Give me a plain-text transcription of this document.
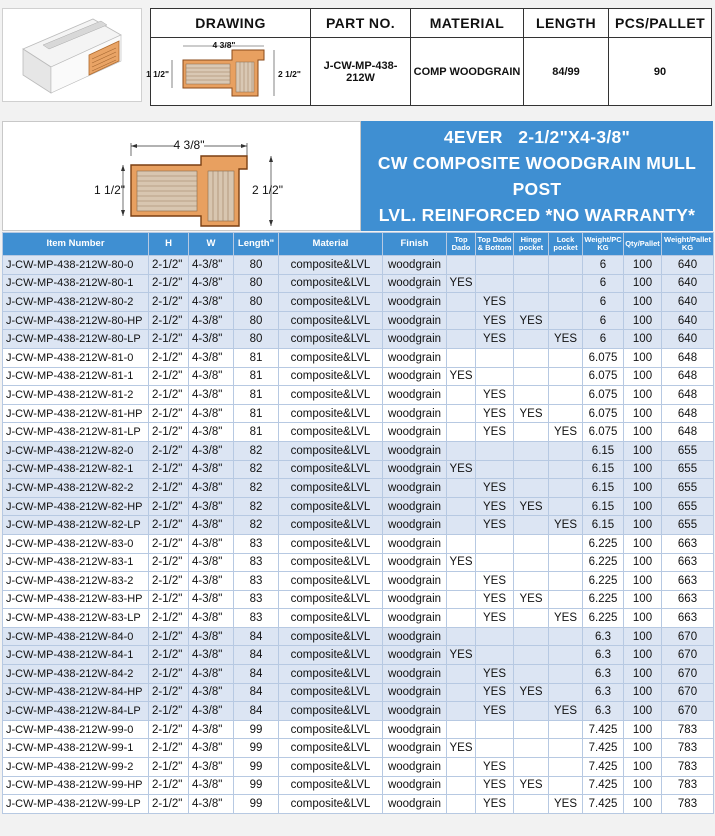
DRAWING	PART NO.	MATERIAL	LENGTH	PCS/PALLET

4 3/8"
1 1/2" 2 1/2"	J-CW-MP-438-212W	COMP WOODGRAIN	84/99	90
4 3/8"
1 1/2"	2 1/2"
4EVER   2-1/2"X4-3/8"
CW COMPOSITE WOODGRAIN MULL POST
LVL. REINFORCED *NO WARRANTY*
Item Number	H	W	Length"	Material	Finish	Top Dado	Top Dado & Bottom	Hinge pocket	Lock pocket	Weight/PC KG	Qty/Pallet	Weight/Pallet KG
J-CW-MP-438-212W-80-0	2-1/2"	4-3/8"	80	composite&LVL	woodgrain					6	100	640
J-CW-MP-438-212W-80-1	2-1/2"	4-3/8"	80	composite&LVL	woodgrain	YES				6	100	640
J-CW-MP-438-212W-80-2	2-1/2"	4-3/8"	80	composite&LVL	woodgrain		YES			6	100	640
J-CW-MP-438-212W-80-HP	2-1/2"	4-3/8"	80	composite&LVL	woodgrain		YES	YES		6	100	640
J-CW-MP-438-212W-80-LP	2-1/2"	4-3/8"	80	composite&LVL	woodgrain		YES		YES	6	100	640
J-CW-MP-438-212W-81-0	2-1/2"	4-3/8"	81	composite&LVL	woodgrain					6.075	100	648
J-CW-MP-438-212W-81-1	2-1/2"	4-3/8"	81	composite&LVL	woodgrain	YES				6.075	100	648
J-CW-MP-438-212W-81-2	2-1/2"	4-3/8"	81	composite&LVL	woodgrain		YES			6.075	100	648
J-CW-MP-438-212W-81-HP	2-1/2"	4-3/8"	81	composite&LVL	woodgrain		YES	YES		6.075	100	648
J-CW-MP-438-212W-81-LP	2-1/2"	4-3/8"	81	composite&LVL	woodgrain		YES		YES	6.075	100	648
J-CW-MP-438-212W-82-0	2-1/2"	4-3/8"	82	composite&LVL	woodgrain					6.15	100	655
J-CW-MP-438-212W-82-1	2-1/2"	4-3/8"	82	composite&LVL	woodgrain	YES				6.15	100	655
J-CW-MP-438-212W-82-2	2-1/2"	4-3/8"	82	composite&LVL	woodgrain		YES			6.15	100	655
J-CW-MP-438-212W-82-HP	2-1/2"	4-3/8"	82	composite&LVL	woodgrain		YES	YES		6.15	100	655
J-CW-MP-438-212W-82-LP	2-1/2"	4-3/8"	82	composite&LVL	woodgrain		YES		YES	6.15	100	655
J-CW-MP-438-212W-83-0	2-1/2"	4-3/8"	83	composite&LVL	woodgrain					6.225	100	663
J-CW-MP-438-212W-83-1	2-1/2"	4-3/8"	83	composite&LVL	woodgrain	YES				6.225	100	663
J-CW-MP-438-212W-83-2	2-1/2"	4-3/8"	83	composite&LVL	woodgrain		YES			6.225	100	663
J-CW-MP-438-212W-83-HP	2-1/2"	4-3/8"	83	composite&LVL	woodgrain		YES	YES		6.225	100	663
J-CW-MP-438-212W-83-LP	2-1/2"	4-3/8"	83	composite&LVL	woodgrain		YES		YES	6.225	100	663
J-CW-MP-438-212W-84-0	2-1/2"	4-3/8"	84	composite&LVL	woodgrain					6.3	100	670
J-CW-MP-438-212W-84-1	2-1/2"	4-3/8"	84	composite&LVL	woodgrain	YES				6.3	100	670
J-CW-MP-438-212W-84-2	2-1/2"	4-3/8"	84	composite&LVL	woodgrain		YES			6.3	100	670
J-CW-MP-438-212W-84-HP	2-1/2"	4-3/8"	84	composite&LVL	woodgrain		YES	YES		6.3	100	670
J-CW-MP-438-212W-84-LP	2-1/2"	4-3/8"	84	composite&LVL	woodgrain		YES		YES	6.3	100	670
J-CW-MP-438-212W-99-0	2-1/2"	4-3/8"	99	composite&LVL	woodgrain					7.425	100	783
J-CW-MP-438-212W-99-1	2-1/2"	4-3/8"	99	composite&LVL	woodgrain	YES				7.425	100	783
J-CW-MP-438-212W-99-2	2-1/2"	4-3/8"	99	composite&LVL	woodgrain		YES			7.425	100	783
J-CW-MP-438-212W-99-HP	2-1/2"	4-3/8"	99	composite&LVL	woodgrain		YES	YES		7.425	100	783
J-CW-MP-438-212W-99-LP	2-1/2"	4-3/8"	99	composite&LVL	woodgrain		YES		YES	7.425	100	783
